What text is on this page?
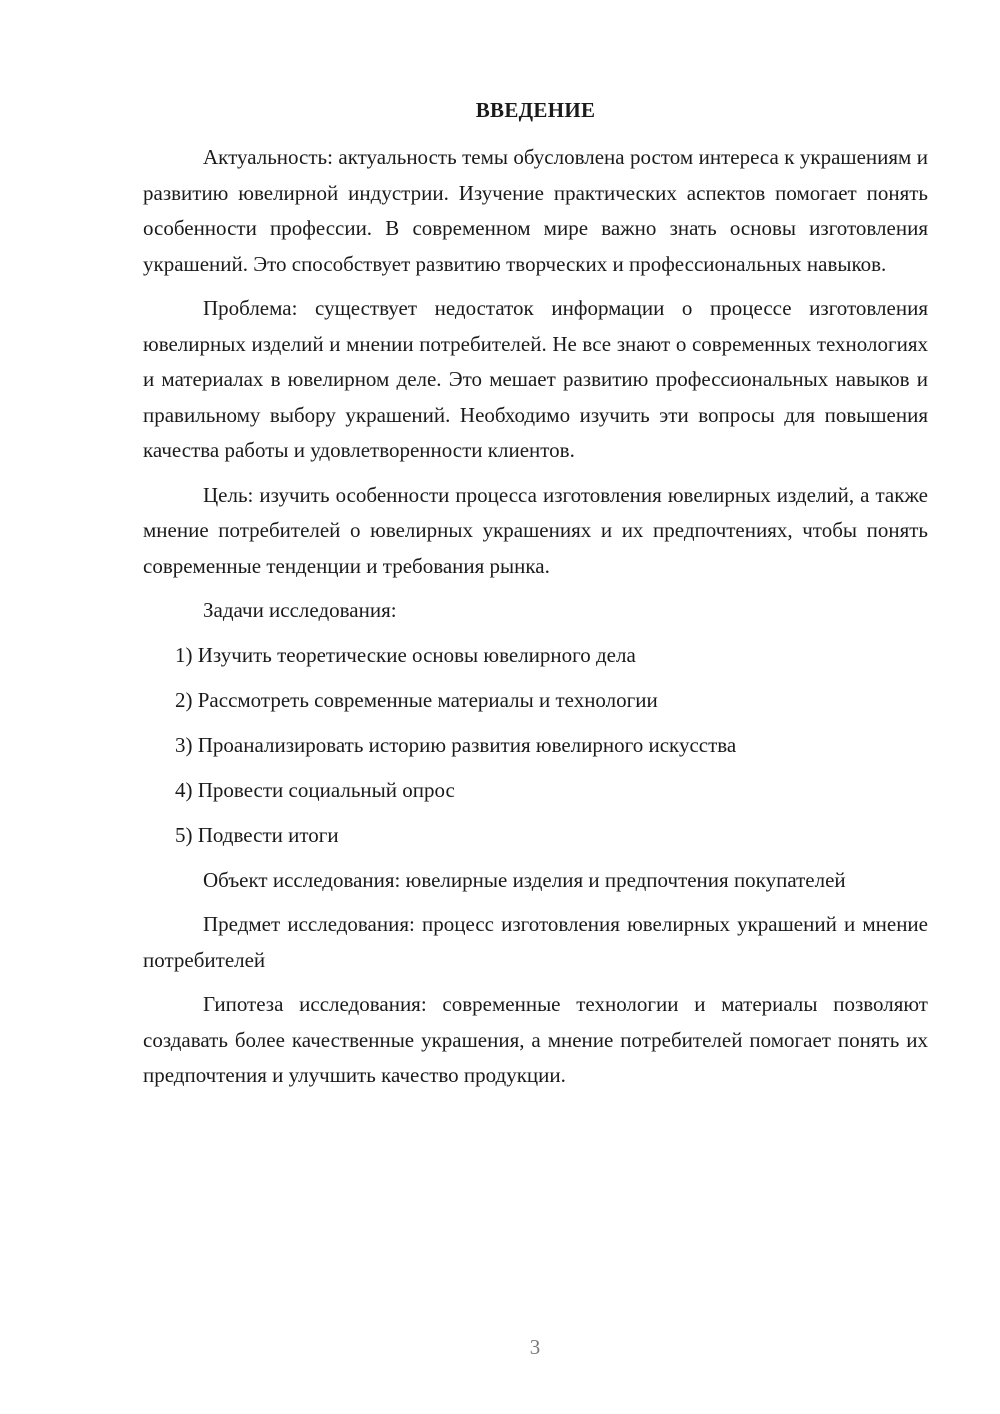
ВВЕДЕНИЕ

Актуальность: актуальность темы обусловлена ростом интереса к украшениям и развитию ювелирной индустрии. Изучение практических аспектов помогает понять особенности профессии. В современном мире важно знать основы изготовления украшений. Это способствует развитию творческих и профессиональных навыков.

Проблема: существует недостаток информации о процессе изготовления ювелирных изделий и мнении потребителей. Не все знают о современных технологиях и материалах в ювелирном деле. Это мешает развитию профессиональных навыков и правильному выбору украшений. Необходимо изучить эти вопросы для повышения качества работы и удовлетворенности клиентов.

Цель: изучить особенности процесса изготовления ювелирных изделий, а также мнение потребителей о ювелирных украшениях и их предпочтениях, чтобы понять современные тенденции и требования рынка.

Задачи исследования:

1) Изучить теоретические основы ювелирного дела
2) Рассмотреть современные материалы и технологии
3) Проанализировать историю развития ювелирного искусства
4) Провести социальный опрос
5) Подвести итоги

Объект исследования: ювелирные изделия и предпочтения покупателей

Предмет исследования: процесс изготовления ювелирных украшений и мнение потребителей

Гипотеза исследования: современные технологии и материалы позволяют создавать более качественные украшения, а мнение потребителей помогает понять их предпочтения и улучшить качество продукции.

3
